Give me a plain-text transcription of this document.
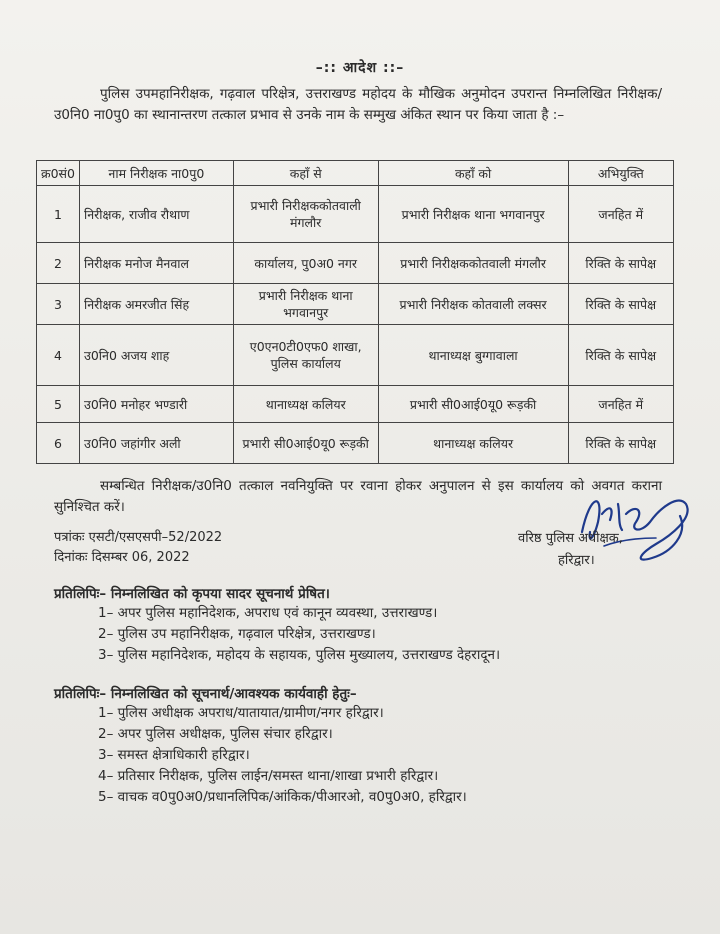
–:: आदेश ::–
पुलिस उपमहानिरीक्षक, गढ़वाल परिक्षेत्र, उत्तराखण्ड महोदय के मौखिक अनुमोदन उपरान्त निम्नलिखित निरीक्षक/उ0नि0 ना0पु0 का स्थानान्तरण तत्काल प्रभाव से उनके नाम के सम्मुख अंकित स्थान पर किया जाता है :–
क्र0सं0	नाम निरीक्षक ना0पु0	कहाँ से	कहाँ को	अभियुक्ति
1	निरीक्षक, राजीव रौथाण	प्रभारी निरीक्षककोतवाली मंगलौर	प्रभारी निरीक्षक थाना भगवानपुर	जनहित में
2	निरीक्षक मनोज मैनवाल	कार्यालय, पु0अ0 नगर	प्रभारी निरीक्षककोतवाली मंगलौर	रिक्ति के सापेक्ष
3	निरीक्षक अमरजीत सिंह	प्रभारी निरीक्षक थाना भगवानपुर	प्रभारी निरीक्षक कोतवाली लक्सर	रिक्ति के सापेक्ष
4	उ0नि0 अजय शाह	ए0एन0टी0एफ0 शाखा, पुलिस कार्यालय	थानाध्यक्ष बुग्गावाला	रिक्ति के सापेक्ष
5	उ0नि0 मनोहर भण्डारी	थानाध्यक्ष कलियर	प्रभारी सी0आई0यू0 रूड़की	जनहित में
6	उ0नि0 जहांगीर अली	प्रभारी सी0आई0यू0 रूड़की	थानाध्यक्ष कलियर	रिक्ति के सापेक्ष
सम्बन्धित निरीक्षक/उ0नि0 तत्काल नवनियुक्ति पर रवाना होकर अनुपालन से इस कार्यालय को अवगत कराना सुनिश्चित करें।
पत्रांकः एसटी/एसएसपी–52/2022
दिनांकः दिसम्बर 06, 2022
वरिष्ठ पुलिस अधीक्षक,
हरिद्वार।
प्रतिलिपिः– निम्नलिखित को कृपया सादर सूचनार्थ प्रेषित।
1– अपर पुलिस महानिदेशक, अपराध एवं कानून व्यवस्था, उत्तराखण्ड।
2– पुलिस उप महानिरीक्षक, गढ़वाल परिक्षेत्र, उत्तराखण्ड।
3– पुलिस महानिदेशक, महोदय के सहायक, पुलिस मुख्यालय, उत्तराखण्ड देहरादून।
प्रतिलिपिः– निम्नलिखित को सूचनार्थ/आवश्यक कार्यवाही हेतुः–
1– पुलिस अधीक्षक अपराध/यातायात/ग्रामीण/नगर हरिद्वार।
2– अपर पुलिस अधीक्षक, पुलिस संचार हरिद्वार।
3– समस्त क्षेत्राधिकारी हरिद्वार।
4– प्रतिसार निरीक्षक, पुलिस लाईन/समस्त थाना/शाखा प्रभारी हरिद्वार।
5– वाचक व0पु0अ0/प्रधानलिपिक/आंकिक/पीआरओ, व0पु0अ0, हरिद्वार।
